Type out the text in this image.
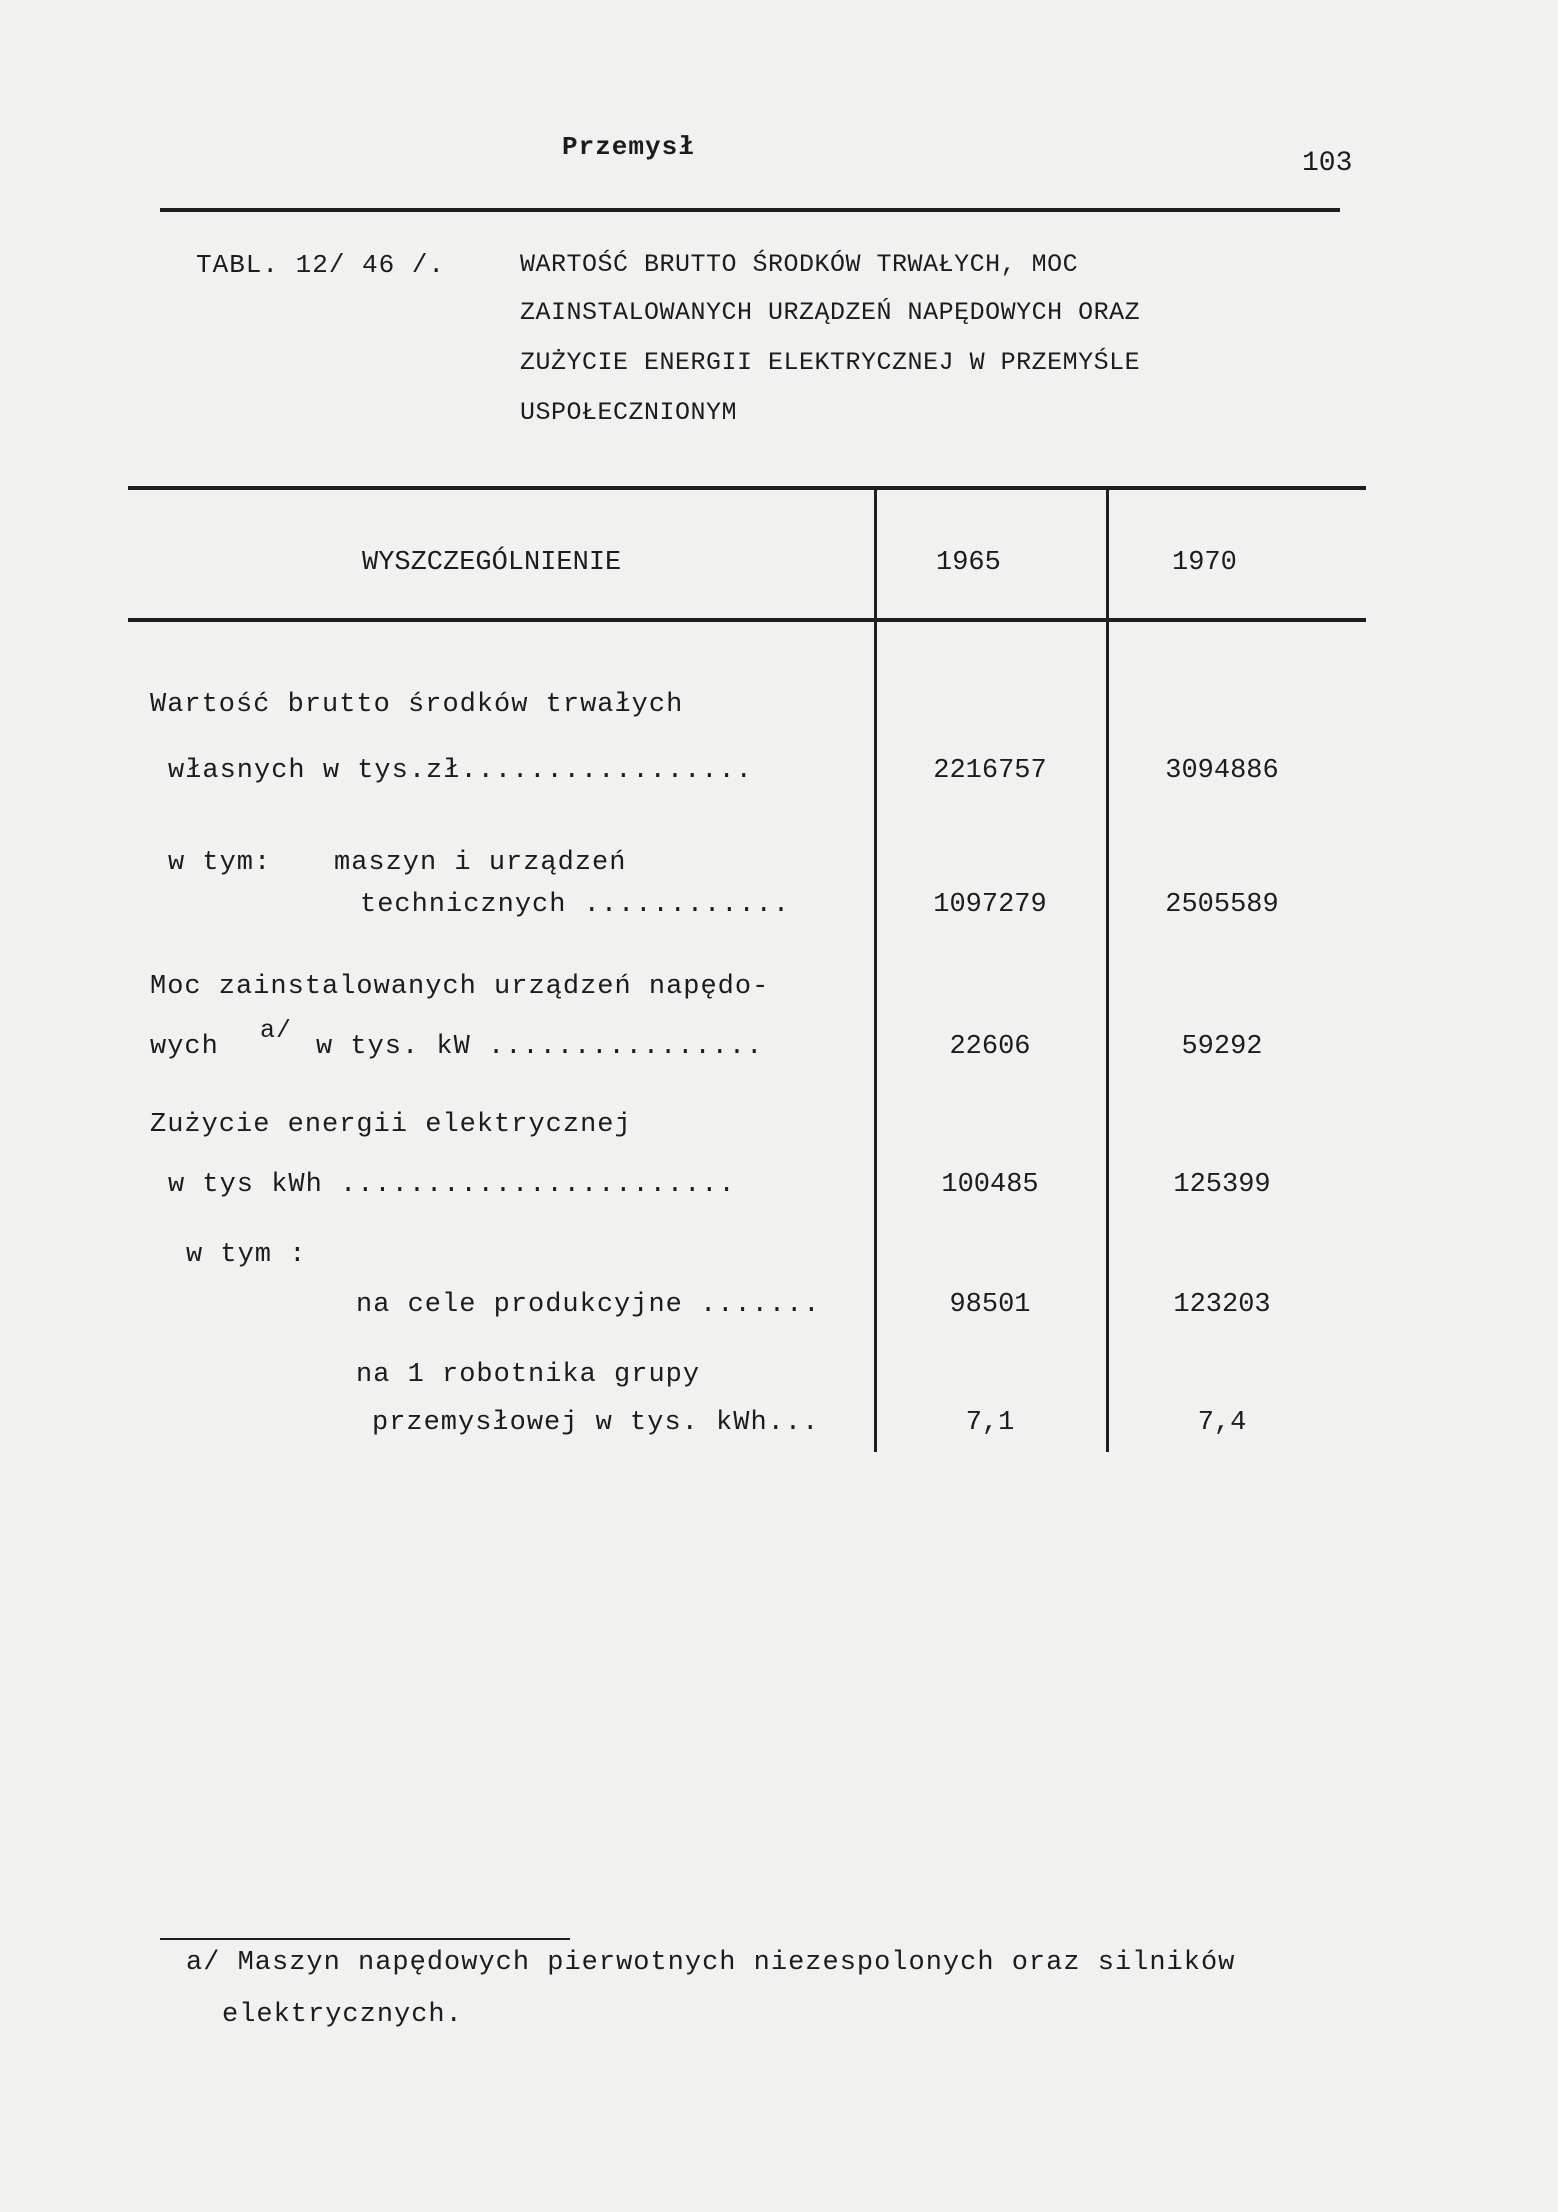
Przemysł
103
TABL. 12/ 46 /.	WARTOŚĆ BRUTTO ŚRODKÓW TRWAŁYCH, MOC
ZAINSTALOWANYCH URZĄDZEŃ NAPĘDOWYCH ORAZ
ZUŻYCIE ENERGII ELEKTRYCZNEJ W PRZEMYŚLE
USPOŁECZNIONYM
WYSZCZEGÓLNIENIE	1965	1970
Wartość brutto środków trwałych
własnych w tys.zł.................	2216757	3094886
w tym: maszyn i urządzeń
technicznych ............	1097279	2505589
Moc zainstalowanych urządzeń napędo-
wych
a/
w tys. kW ................	22606	59292
Zużycie energii elektrycznej
w tys kWh .......................	100485	125399
w tym :
na cele produkcyjne .......	98501	123203
na 1 robotnika grupy
przemysłowej w tys. kWh...	7,1	7,4
a/ Maszyn napędowych pierwotnych niezespolonych oraz silników
elektrycznych.
